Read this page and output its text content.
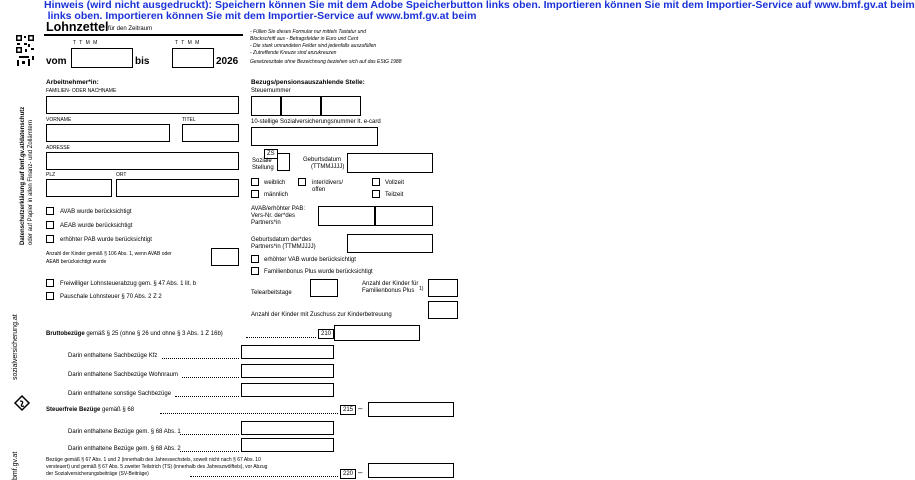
Hinweis (wird nicht ausgedruckt): Speichern können Sie mit dem Adobe Speicherbutton links oben. Importieren können Sie mit dem Importier-Service auf www.bmf.gv.at beim
links oben. Importieren können Sie mit dem Importier-Service auf www.bmf.gv.at beim
Lohnzettel für den Zeitraum
T T M M	T T M M
vom	bis	2026
- Füllen Sie dieses Formular nur mittels Tastatur und
Blockschrift aus - Betragsfelder in Euro und Cent
- Die stark umrandeten Felder sind jedenfalls auszufüllen
- Zutreffende Kreuze sind anzukreuzen
Gesetzeszitate ohne Bezeichnung beziehen sich auf das EStG 1988
Datenschutzerklärung auf bmf.gv.at/datenschutz oder auf Papier in allen Finanz- und Zollämtern
sozialversicherung.at
bmf.gv.at
Arbeitnehmer*in:
FAMILIEN- ODER NACHNAME
VORNAME	TITEL
ADRESSE
PLZ	ORT
AVAB wurde berücksichtigt
AEAB wurde berücksichtigt
erhöhter PAB wurde berücksichtigt
Anzahl der Kinder gemäß § 106 Abs. 1, wenn AVAB oder
AEAB berücksichtigt wurde
Freiwilliger Lohnsteuerabzug gem. § 47 Abs. 1 lit. b
Pauschale Lohnsteuer § 70 Abs. 2 Z 2
Bezugs/pensionsauszahlende Stelle:
Steuernummer
10-stellige Sozialversicherungsnummer lt. e-card
ZS
Soziale
Stellung
Geburtsdatum
(TTMMJJJJ)
weiblich	inter/divers/
offen
Vollzeit
männlich	Teilzeit
AVAB/erhöhter PAB:
Vers-Nr. der*des
Partners*in
Geburtsdatum der*des
Partners*in (TTMMJJJJ)
erhöhter VAB wurde berücksichtigt
Familienbonus Plus wurde berücksichtigt
Telearbeitstage
Anzahl der Kinder für
Familienbonus Plus 1)
Anzahl der Kinder mit Zuschuss zur Kinderbetreuung
Bruttobezüge gemäß § 25 (ohne § 26 und ohne § 3 Abs. 1 Z 16b)	210
Darin enthaltene Sachbezüge Kfz
Darin enthaltene Sachbezüge Wohnraum
Darin enthaltene sonstige Sachbezüge
Steuerfreie Bezüge gemäß § 68	215 –
Darin enthaltene Bezüge gem. § 68 Abs. 1
Darin enthaltene Bezüge gem. § 68 Abs. 2
Bezüge gemäß § 67 Abs. 1 und 2 (innerhalb des Jahressechstels, soweit nicht nach § 67 Abs. 10
versteuert) und gemäß § 67 Abs. 5 zweiter Teilstrich (TS) (innerhalb des Jahreszwölftels), vor Abzug
der Sozialversicherungsbeiträge (SV-Beiträge)	220 –
